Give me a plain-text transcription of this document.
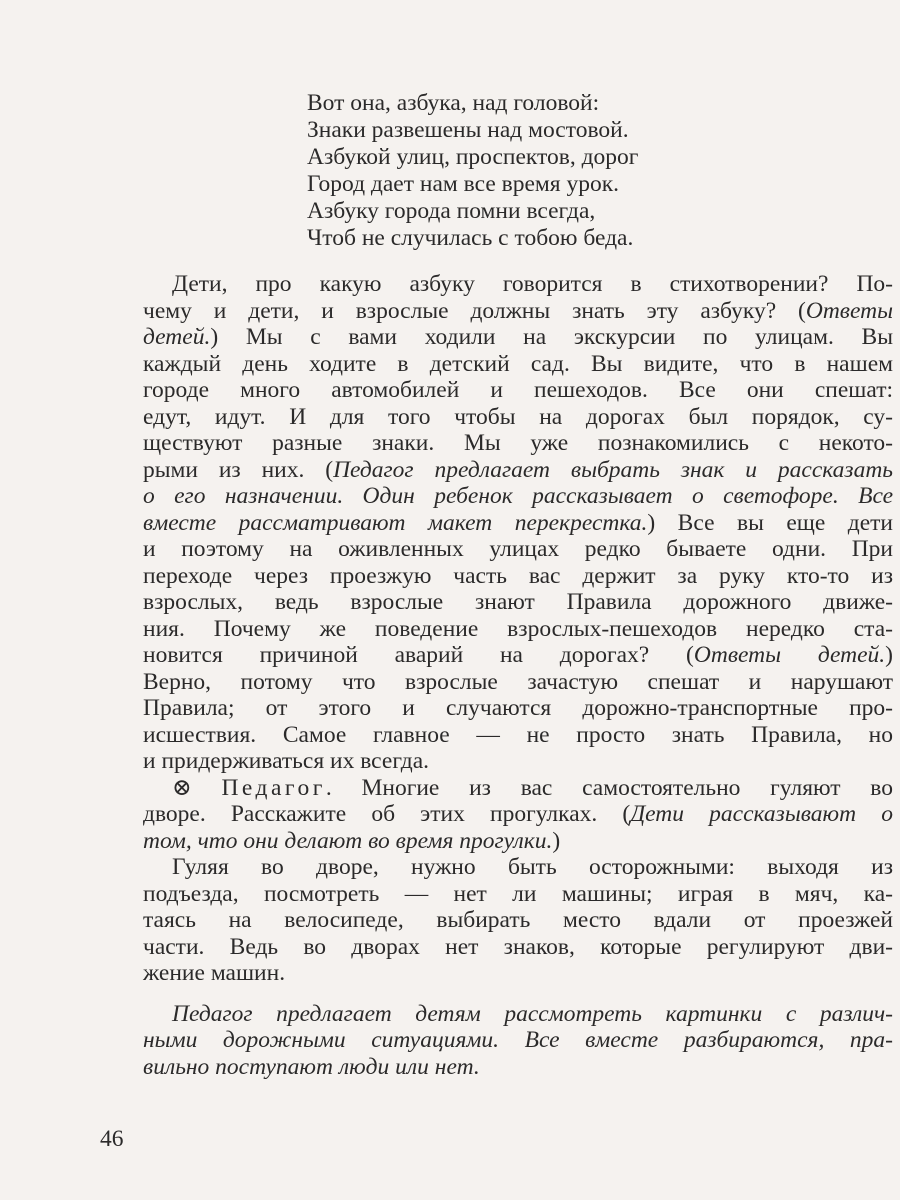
Вот она, азбука, над головой:
Знаки развешены над мостовой.
Азбукой улиц, проспектов, дорог
Город дает нам все время урок.
Азбуку города помни всегда,
Чтоб не случилась с тобою беда.
Дети, про какую азбуку говорится в стихотворении? По-
чему и дети, и взрослые должны знать эту азбуку? (Ответы
детей.) Мы с вами ходили на экскурсии по улицам. Вы
каждый день ходите в детский сад. Вы видите, что в нашем
городе много автомобилей и пешеходов. Все они спешат:
едут, идут. И для того чтобы на дорогах был порядок, су-
ществуют разные знаки. Мы уже познакомились с некото-
рыми из них. (Педагог предлагает выбрать знак и рассказать
о его назначении. Один ребенок рассказывает о светофоре. Все
вместе рассматривают макет перекрестка.) Все вы еще дети
и поэтому на оживленных улицах редко бываете одни. При
переходе через проезжую часть вас держит за руку кто-то из
взрослых, ведь взрослые знают Правила дорожного движе-
ния. Почему же поведение взрослых-пешеходов нередко ста-
новится причиной аварий на дорогах? (Ответы детей.)
Верно, потому что взрослые зачастую спешат и нарушают
Правила; от этого и случаются дорожно-транспортные про-
исшествия. Самое главное — не просто знать Правила, но
и придерживаться их всегда.
⊗ Педагог. Многие из вас самостоятельно гуляют во
дворе. Расскажите об этих прогулках. (Дети рассказывают о
том, что они делают во время прогулки.)
Гуляя во дворе, нужно быть осторожными: выходя из
подъезда, посмотреть — нет ли машины; играя в мяч, ка-
таясь на велосипеде, выбирать место вдали от проезжей
части. Ведь во дворах нет знаков, которые регулируют дви-
жение машин.
Педагог предлагает детям рассмотреть картинки с различ-
ными дорожными ситуациями. Все вместе разбираются, пра-
вильно поступают люди или нет.
46
